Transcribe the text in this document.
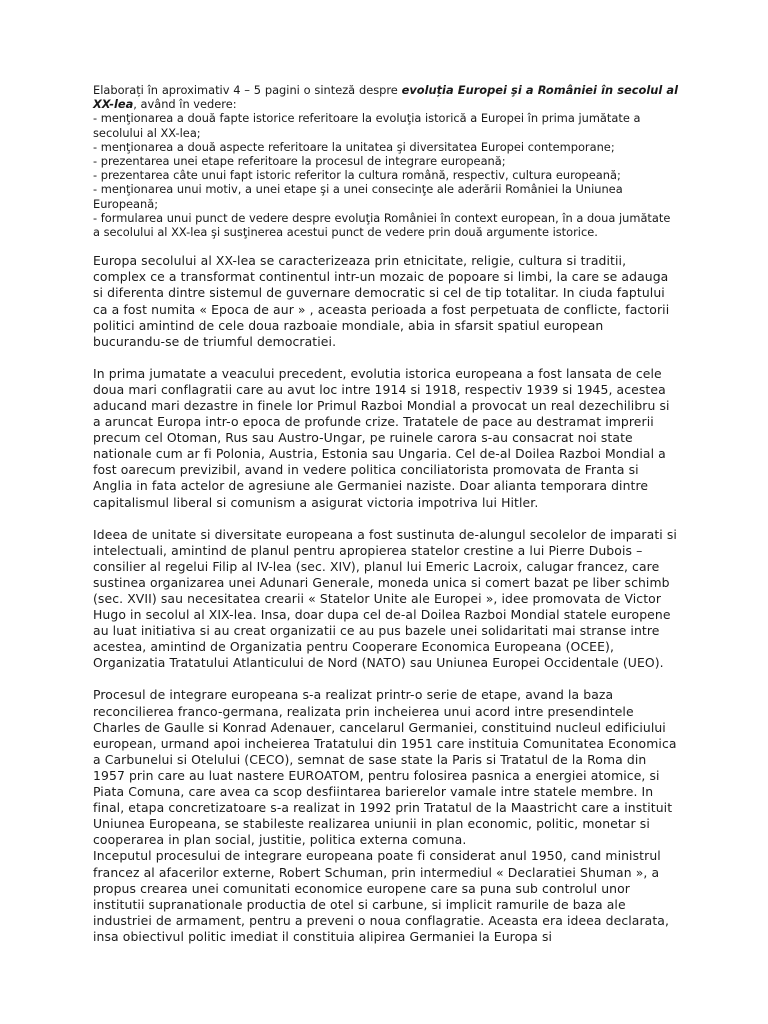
Elaborați în aproximativ 4 – 5 pagini o sinteză despre evoluția Europei şi a României în secolul al XX-lea, având în vedere:
- menţionarea a două fapte istorice referitoare la evoluţia istorică a Europei în prima jumătate a secolului al XX-lea;
- menţionarea a două aspecte referitoare la unitatea şi diversitatea Europei contemporane;
- prezentarea unei etape referitoare la procesul de integrare europeană;
- prezentarea câte unui fapt istoric referitor la cultura română, respectiv, cultura europeană;
- menţionarea unui motiv, a unei etape şi a unei consecinţe ale aderării României la Uniunea Europeană;
- formularea unui punct de vedere despre evoluţia României în context european, în a doua jumătate a secolului al XX-lea şi susţinerea acestui punct de vedere prin două argumente istorice.

Europa secolului al XX-lea se caracterizeaza prin etnicitate, religie, cultura si traditii, complex ce a transformat continentul intr-un mozaic de popoare si limbi, la care se adauga si diferenta dintre sistemul de guvernare democratic si cel de tip totalitar. In ciuda faptului ca a fost numita « Epoca de aur » , aceasta perioada a fost perpetuata de conflicte, factorii politici amintind de cele doua razboaie mondiale, abia in sfarsit spatiul european bucurandu-se de triumful democratiei.

In prima jumatate a veacului precedent, evolutia istorica europeana a fost lansata de cele doua mari conflagratii care au avut loc intre 1914 si 1918, respectiv 1939 si 1945, acestea aducand mari dezastre in finele lor Primul Razboi Mondial a provocat un real dezechilibru si a aruncat Europa intr-o epoca de profunde crize. Tratatele de pace au destramat imprerii precum cel Otoman, Rus sau Austro-Ungar, pe ruinele carora s-au consacrat noi state nationale cum ar fi Polonia, Austria, Estonia sau Ungaria. Cel de-al Doilea Razboi Mondial a fost oarecum previzibil, avand in vedere politica conciliatorista promovata de Franta si Anglia in fata actelor de agresiune ale Germaniei naziste. Doar alianta temporara dintre capitalismul liberal si comunism a asigurat victoria impotriva lui Hitler.

Ideea de unitate si diversitate europeana a fost sustinuta de-alungul secolelor de imparati si intelectuali, amintind de planul pentru apropierea statelor crestine a lui Pierre Dubois – consilier al regelui Filip al IV-lea (sec. XIV), planul lui Emeric Lacroix, calugar francez, care sustinea organizarea unei Adunari Generale, moneda unica si comert bazat pe liber schimb (sec. XVII) sau necesitatea crearii « Statelor Unite ale Europei », idee promovata de Victor Hugo in secolul al XIX-lea. Insa, doar dupa cel de-al Doilea Razboi Mondial statele europene au luat initiativa si au creat organizatii ce au pus bazele unei solidaritati mai stranse intre acestea, amintind de Organizatia pentru Cooperare Economica Europeana (OCEE), Organizatia Tratatului Atlanticului de Nord (NATO) sau Uniunea Europei Occidentale (UEO).

Procesul de integrare europeana s-a realizat printr-o serie de etape, avand la baza reconcilierea franco-germana, realizata prin incheierea unui acord intre presendintele Charles de Gaulle si Konrad Adenauer, cancelarul Germaniei, constituind nucleul edificiului european, urmand apoi incheierea Tratatului din 1951 care instituia Comunitatea Economica a Carbunelui si Otelului (CECO), semnat de sase state la Paris si Tratatul de la Roma din 1957 prin care au luat nastere EUROATOM, pentru folosirea pasnica a energiei atomice, si Piata Comuna, care avea ca scop desfiintarea barierelor vamale intre statele membre. In final, etapa concretizatoare s-a realizat in 1992 prin Tratatul de la Maastricht care a instituit Uniunea Europeana, se stabileste realizarea uniunii in plan economic, politic, monetar si cooperarea in plan social, justitie, politica externa comuna.

Inceputul procesului de integrare europeana poate fi considerat anul 1950, cand ministrul francez al afacerilor externe, Robert Schuman, prin intermediul « Declaratiei Shuman », a propus crearea unei comunitati economice europene care sa puna sub controlul unor institutii supranationale productia de otel si carbune, si implicit ramurile de baza ale industriei de armament, pentru a preveni o noua conflagratie. Aceasta era ideea declarata, insa obiectivul politic imediat il constituia alipirea Germaniei la Europa si
